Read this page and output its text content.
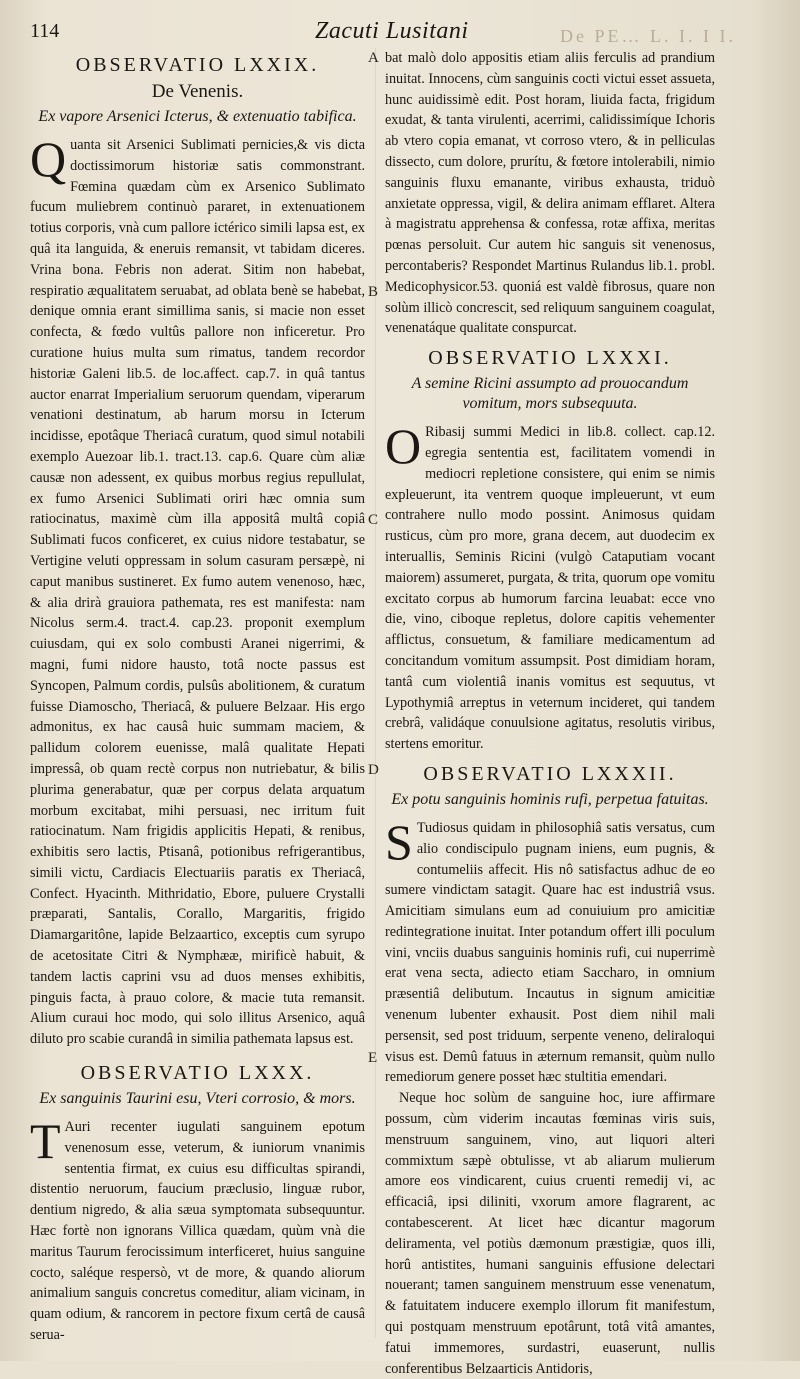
114	Zacuti Lusitani	De PE… L. I. I I.
A
B
C
D
E
OBSERVATIO LXXIX.
De Venenis.
Ex vapore Arsenici Icterus, & extenuatio tabifica.

Quanta sit Arsenici Sublimati pernicies,& vis dicta doctissimorum historiæ satis commonstrant. Fœmina quædam cùm ex Arsenico Sublimato fucum muliebrem continuò pararet, in extenuationem totius corporis, vnà cum pallore ictérico simili lapsa est, ex quâ ita languida, & eneruis remansit, vt tabidam diceres. Vrina bona. Febris non aderat. Sitim non habebat, respiratio æqualitatem seruabat, ad oblata benè se habebat, denique omnia erant simillima sanis, si macie non esset confecta, & fœdo vultûs pallore non inficeretur. Pro curatione huius multa sum rimatus, tandem recordor historiæ Galeni lib.5. de loc.affect. cap.7. in quâ tantus auctor enarrat Imperialium seruorum quendam, viperarum venationi destinatum, ab harum morsu in Icterum incidisse, epotâque Theriacâ curatum, quod simul notabili exemplo Auezoar lib.1. tract.13. cap.6. Quare cùm aliæ causæ non adessent, ex quibus morbus regius repullulat, ex fumo Arsenici Sublimati oriri hæc omnia sum ratiocinatus, maximè cùm illa appositâ multâ copiâ Sublimati fucos conficeret, ex cuius nidore testabatur, se Vertigine veluti oppressam in solum casuram persæpè, ni caput manibus sustineret. Ex fumo autem venenoso, hæc, & alia drirà grauiora pathemata, res est manifesta: nam Nicolus serm.4. tract.4. cap.23. proponit exemplum cuiusdam, qui ex solo combusti Aranei nigerrimi, & magni, fumi nidore hausto, totâ nocte passus est Syncopen, Palmum cordis, pulsûs abolitionem, & curatum fuisse Diamoscho, Theriacâ, & puluere Belzaar. His ergo admonitus, ex hac causâ huic summam maciem, & pallidum colorem euenisse, malâ qualitate Hepati impressâ, ob quam rectè corpus non nutriebatur, & bilis plurima generabatur, quæ per corpus delata arquatum morbum excitabat, mihi persuasi, nec irritum fuit ratiocinatum. Nam frigidis applicitis Hepati, & renibus, exhibitis sero lactis, Ptisanâ, potionibus refrigerantibus, simili victu, Cardiacis Electuariis paratis ex Theriacâ, Confect. Hyacinth. Mithridatio, Ebore, puluere Crystalli præparati, Santalis, Corallo, Margaritis, frigido Diamargaritône, lapide Belzaartico, exceptis cum syrupo de acetositate Citri & Nymphææ, mirificè habuit, & tandem lactis caprini vsu ad duos menses exhibitis, pinguis facta, à prauo colore, & macie tuta remansit. Alium curaui hoc modo, qui solo illitus Arsenico, aquâ diluto pro scabie curandâ in similia pathemata lapsus est.

OBSERVATIO LXXX.
Ex sanguinis Taurini esu, Vteri corrosio, & mors.

T Auri recenter iugulati sanguinem epotum venenosum esse, veterum, & iuniorum vnanimis sententia firmat, ex cuius esu difficultas spirandi, distentio neruorum, faucium præclusio, linguæ rubor, dentium nigredo, & alia sæua symptomata subsequuntur. Hæc fortè non ignorans Villica quædam, quùm vnà die maritus Taurum ferocissimum interficeret, huius sanguine cocto, saléque respersò, vt de more, & quando aliorum animalium sanguis concretus comeditur, aliam vicinam, in quam odium, & rancorem in pectore fixum certâ de causâ serua-

bat malò dolo appositis etiam aliis ferculis ad prandium inuitat. Innocens, cùm sanguinis cocti victui esset assueta, hunc auidissimè edit. Post horam, liuida facta, frigidum exudat, & tanta virulenti, acerrimi, calidissimíque Ichoris ab vtero copia emanat, vt corroso vtero, & in pelliculas dissecto, cum dolore, prurítu, & fœtore intolerabili, nimio sanguinis fluxu emanante, viribus exhausta, triduò anxietate oppressa, vigil, & delira animam efflaret. Altera à magistratu apprehensa & confessa, rotæ affixa, meritas pœnas persoluit. Cur autem hic sanguis sit venenosus, percontaberis? Respondet Martinus Rulandus lib.1. probl. Medicophysicor.53. quoniá est valdè fibrosus, quare non solùm illicò concrescit, sed reliquum sanguinem coagulat, venenatáque qualitate conspurcat.

OBSERVATIO LXXXI.
A semine Ricini assumpto ad prouocandum vomitum, mors subsequuta.

O Ribasij summi Medici in lib.8. collect. cap.12. egregia sententia est, facilitatem vomendi in mediocri repletione consistere, qui enim se nimis expleuerunt, ita ventrem quoque impleuerunt, vt eum contrahere nullo modo possint. Animosus quidam rusticus, cùm pro more, grana decem, aut duodecim ex interuallis, Seminis Ricini (vulgò Cataputiam vocant maiorem) assumeret, purgata, & trita, quorum ope vomitu excitato corpus ab humorum farcina leuabat: ecce vno die, vino, ciboque repletus, dolore capitis vehementer afflictus, consuetum, & familiare medicamentum ad concitandum vomitum assumpsit. Post dimidiam horam, tantâ cum violentiâ inanis vomitus est sequutus, vt Lypothymiâ arreptus in veternum incideret, qui tandem crebrâ, validáque conuulsione agitatus, resolutis viribus, stertens emoritur.

OBSERVATIO LXXXII.
Ex potu sanguinis hominis rufi, perpetua fatuitas.

S Tudiosus quidam in philosophiâ satis versatus, cum alio condiscipulo pugnam iniens, eum pugnis, & contumeliis affecit. His nô satisfactus adhuc de eo sumere vindictam satagit. Quare hac est industriâ vsus. Amicitiam simulans eum ad conuiuium pro amicitiæ redintegratione inuitat. Inter potandum offert illi poculum vini, vnciis duabus sanguinis hominis rufi, cui nuperrimè erat vena secta, adiecto etiam Saccharo, in omnium præsentiâ delibutum. Incautus in signum amicitiæ venenum lubenter exhausit. Post diem nihil mali persensit, sed post triduum, serpente veneno, deliraloqui visus est. Demû fatuus in æternum remansit, quùm nullo remediorum genere posset hæc stultitia emendari.

Neque hoc solùm de sanguine hoc, iure affirmare possum, cùm viderim incautas fœminas viris suis, menstruum sanguinem, vino, aut liquori alteri commixtum sæpè obtulisse, vt ab aliarum mulierum amore eos vindicarent, cuius cruenti remedij vi, ac efficaciâ, ipsi diliniti, vxorum amore flagrarent, ac contabescerent. At licet hæc dicantur magorum deliramenta, vel potiùs dæmonum præstigiæ, quos illi, horû antistites, humani sanguinis effusione delectari nouerant; tamen sanguinem menstruum esse venenatum, & fatuitatem inducere exemplo illorum fit manifestum, qui postquam menstruum epotârunt, totâ vitâ amantes, fatui immemores, surdastri, euaserunt, nullis conferentibus Belzaarticis Antidoris,
